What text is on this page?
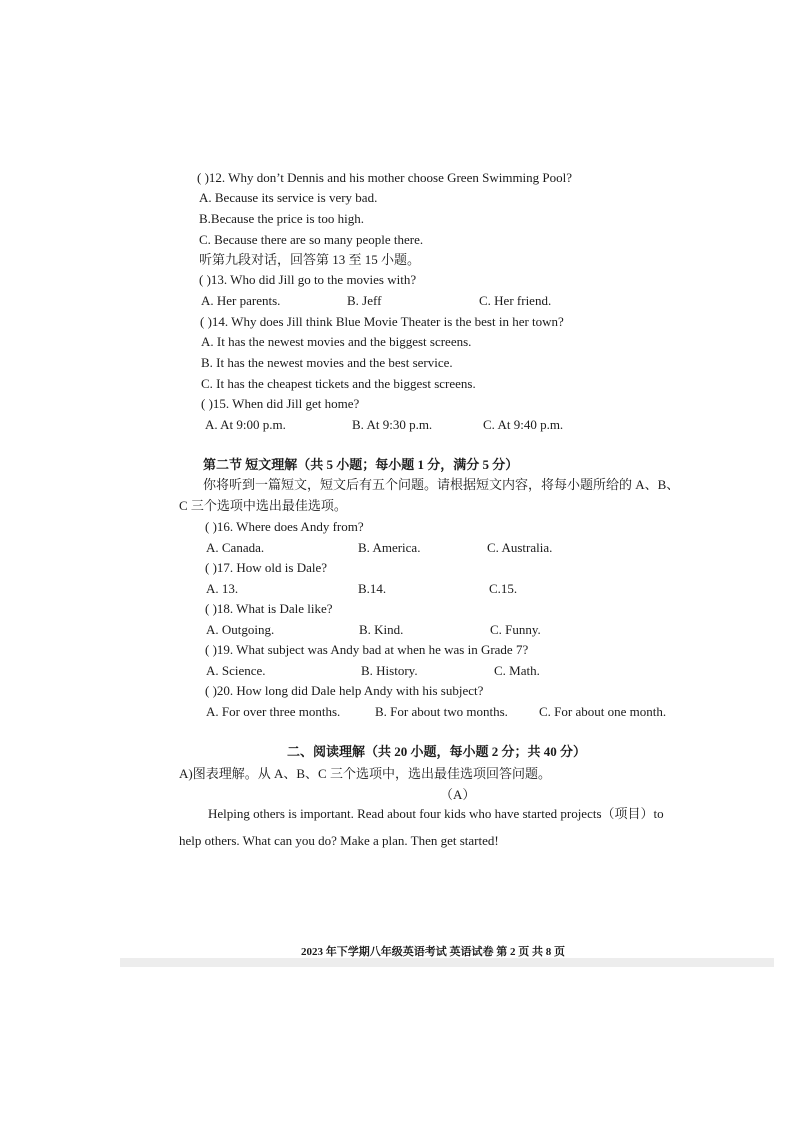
( )12. Why don’t Dennis and his mother choose Green Swimming Pool?
A. Because its service is very bad.
B.Because the price is too high.
C. Because there are so many people there.
听第九段对话，回答第 13 至 15 小题。
( )13. Who did Jill go to the movies with?
A. Her parents.	B. Jeff	C. Her friend.
( )14. Why does Jill think Blue Movie Theater is the best in her town?
A. It has the newest movies and the biggest screens.
B. It has the newest movies and the best service.
C. It has the cheapest tickets and the biggest screens.
( )15. When did Jill get home?
A. At 9:00 p.m.	B. At 9:30 p.m.	C. At 9:40 p.m.
第二节 短文理解（共 5 小题；每小题 1 分，满分 5 分）
你将听到一篇短文，短文后有五个问题。请根据短文内容，将每小题所给的 A、B、
C 三个选项中选出最佳选项。
( )16. Where does Andy from?
A. Canada.	B. America.	C. Australia.
( )17. How old is Dale?
A. 13.	B.14.	C.15.
( )18. What is Dale like?
A. Outgoing.	B. Kind.	C. Funny.
( )19. What subject was Andy bad at when he was in Grade 7?
A. Science.	B. History.	C. Math.
( )20. How long did Dale help Andy with his subject?
A. For over three months.	B. For about two months. C. For about one month.
二、阅读理解（共 20 小题，每小题 2 分；共 40 分）
A)图表理解。从 A、B、C 三个选项中，选出最佳选项回答问题。
（A）
Helping others is important. Read about four kids who have started projects（项目）to
help others. What can you do? Make a plan. Then get started!
2023 年下学期八年级英语考试 英语试卷 第 2 页 共 8 页
